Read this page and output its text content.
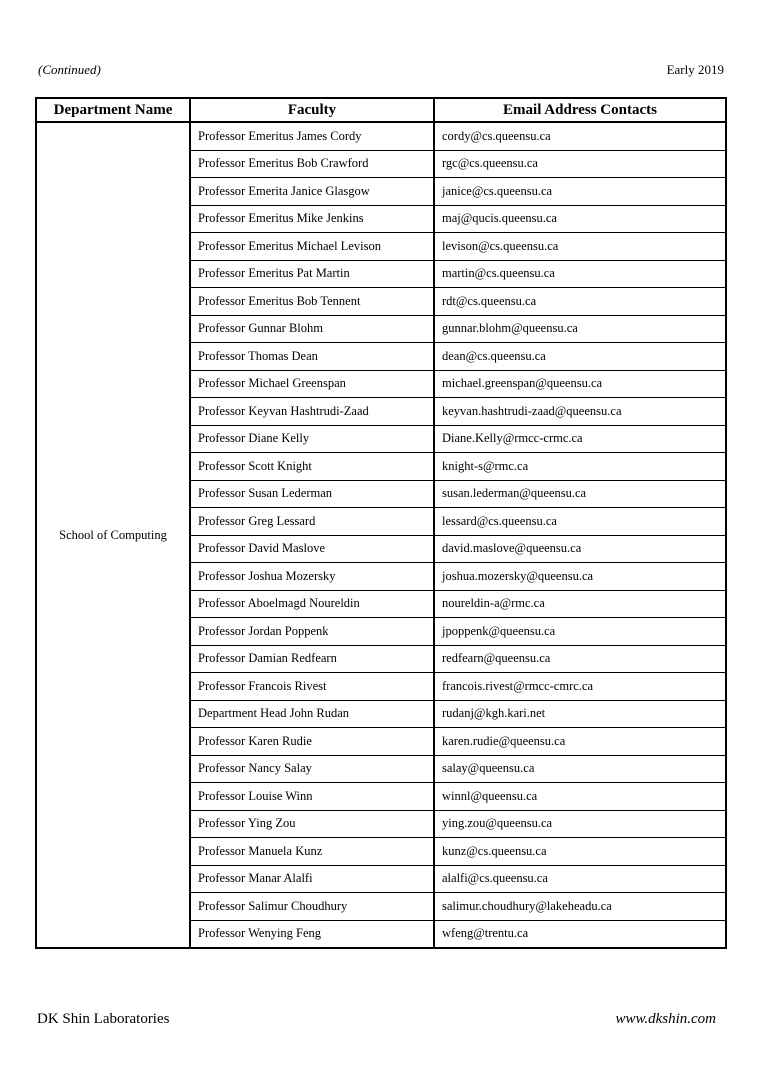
(Continued)	Early 2019
Department Name	Faculty	Email Address Contacts
School of Computing	Professor Emeritus James Cordy	cordy@cs.queensu.ca
	Professor Emeritus Bob Crawford	rgc@cs.queensu.ca
	Professor Emerita Janice Glasgow	janice@cs.queensu.ca
	Professor Emeritus Mike Jenkins	maj@qucis.queensu.ca
	Professor Emeritus Michael Levison	levison@cs.queensu.ca
	Professor Emeritus Pat Martin	martin@cs.queensu.ca
	Professor Emeritus Bob Tennent	rdt@cs.queensu.ca
	Professor Gunnar Blohm	gunnar.blohm@queensu.ca
	Professor Thomas Dean	dean@cs.queensu.ca
	Professor Michael Greenspan	michael.greenspan@queensu.ca
	Professor Keyvan Hashtrudi-Zaad	keyvan.hashtrudi-zaad@queensu.ca
	Professor Diane Kelly	Diane.Kelly@rmcc-crmc.ca
	Professor Scott Knight	knight-s@rmc.ca
	Professor Susan Lederman	susan.lederman@queensu.ca
	Professor Greg Lessard	lessard@cs.queensu.ca
	Professor David Maslove	david.maslove@queensu.ca
	Professor Joshua Mozersky	joshua.mozersky@queensu.ca
	Professor Aboelmagd Noureldin	noureldin-a@rmc.ca
	Professor Jordan Poppenk	jpoppenk@queensu.ca
	Professor Damian Redfearn	redfearn@queensu.ca
	Professor Francois Rivest	francois.rivest@rmcc-cmrc.ca
	Department Head John Rudan	rudanj@kgh.kari.net
	Professor Karen Rudie	karen.rudie@queensu.ca
	Professor Nancy Salay	salay@queensu.ca
	Professor Louise Winn	winnl@queensu.ca
	Professor Ying Zou	ying.zou@queensu.ca
	Professor Manuela Kunz	kunz@cs.queensu.ca
	Professor Manar Alalfi	alalfi@cs.queensu.ca
	Professor Salimur Choudhury	salimur.choudhury@lakeheadu.ca
	Professor Wenying Feng	wfeng@trentu.ca
DK Shin Laboratories	www.dkshin.com
